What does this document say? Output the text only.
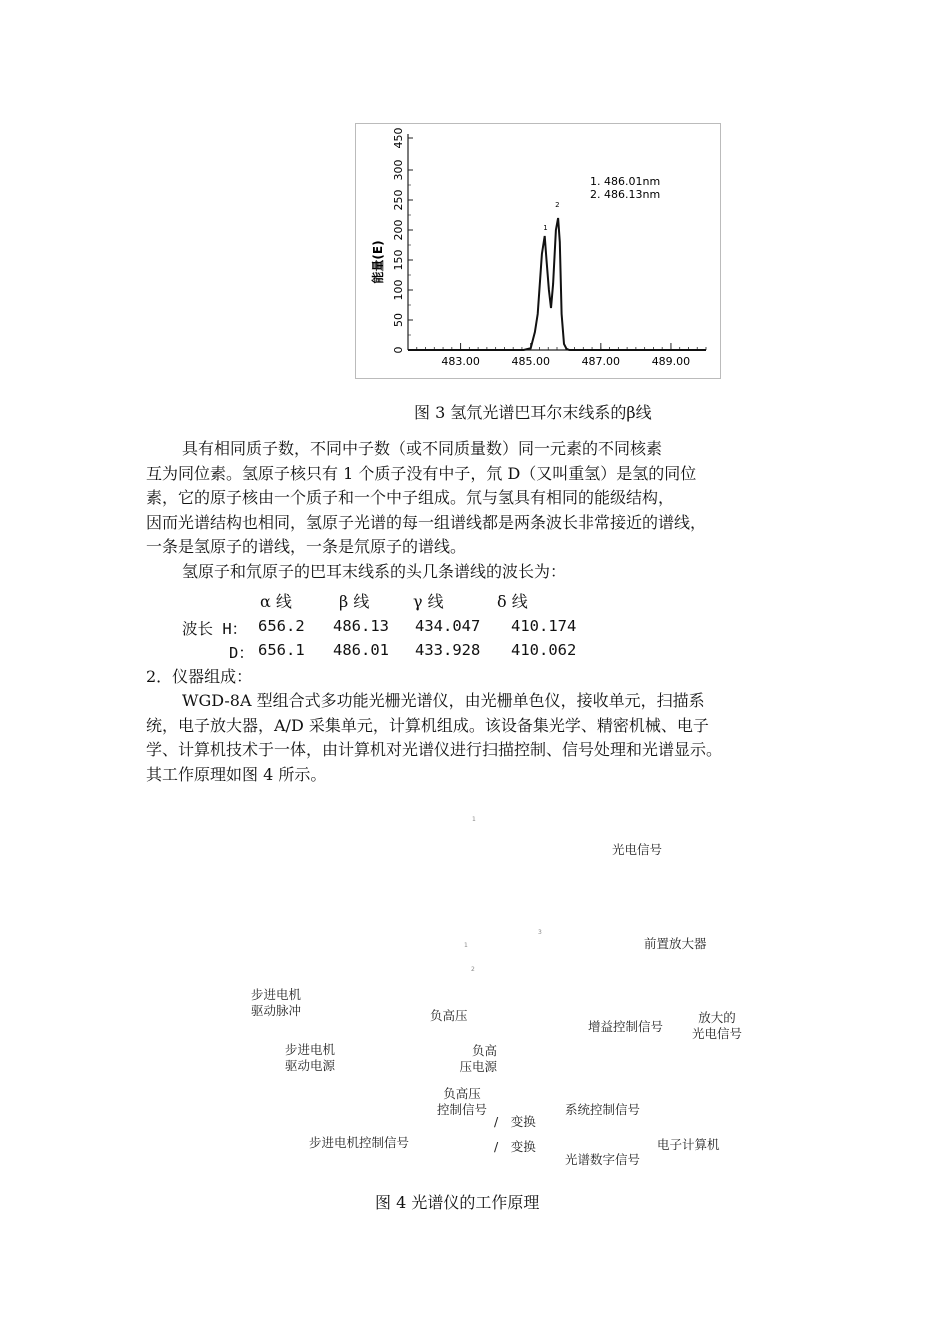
483.00	485.00	487.00	489.00
0
50
100
150
200
250
300
450
1
2
能量(E)
1. 486.01nm
2. 486.13nm
图 3 氢氘光谱巴耳尔末线系的β线

具有相同质子数，不同中子数（或不同质量数）同一元素的不同核素

互为同位素。氢原子核只有 1 个质子没有中子，氘 D（又叫重氢）是氢的同位

素，它的原子核由一个质子和一个中子组成。氘与氢具有相同的能级结构，

因而光谱结构也相同，氢原子光谱的每一组谱线都是两条波长非常接近的谱线，

一条是氢原子的谱线，一条是氘原子的谱线。

氢原子和氘原子的巴耳末线系的头几条谱线的波长为：

α 线	β 线	γ 线	δ 线
波长 H： 656.2 486.13 434.047 410.174
D： 656.1 486.01 433.928 410.062
2．仪器组成：

WGD-8A 型组合式多功能光栅光谱仪，由光栅单色仪，接收单元，扫描系

统，电子放大器，A/D 采集单元，计算机组成。该设备集光学、精密机械、电子

学、计算机技术于一体，由计算机对光谱仪进行扫描控制、信号处理和光谱显示。

其工作原理如图 4 所示。

1
3
1
2
光电信号
前置放大器
步进电机
驱动脉冲	负高压
增益控制信号
放大的
光电信号
步进电机
驱动电源
负高
压电源
负高压
控制信号
/　变换
系统控制信号
步进电机控制信号	/　变换	电子计算机
光谱数字信号
图 4 光谱仪的工作原理
